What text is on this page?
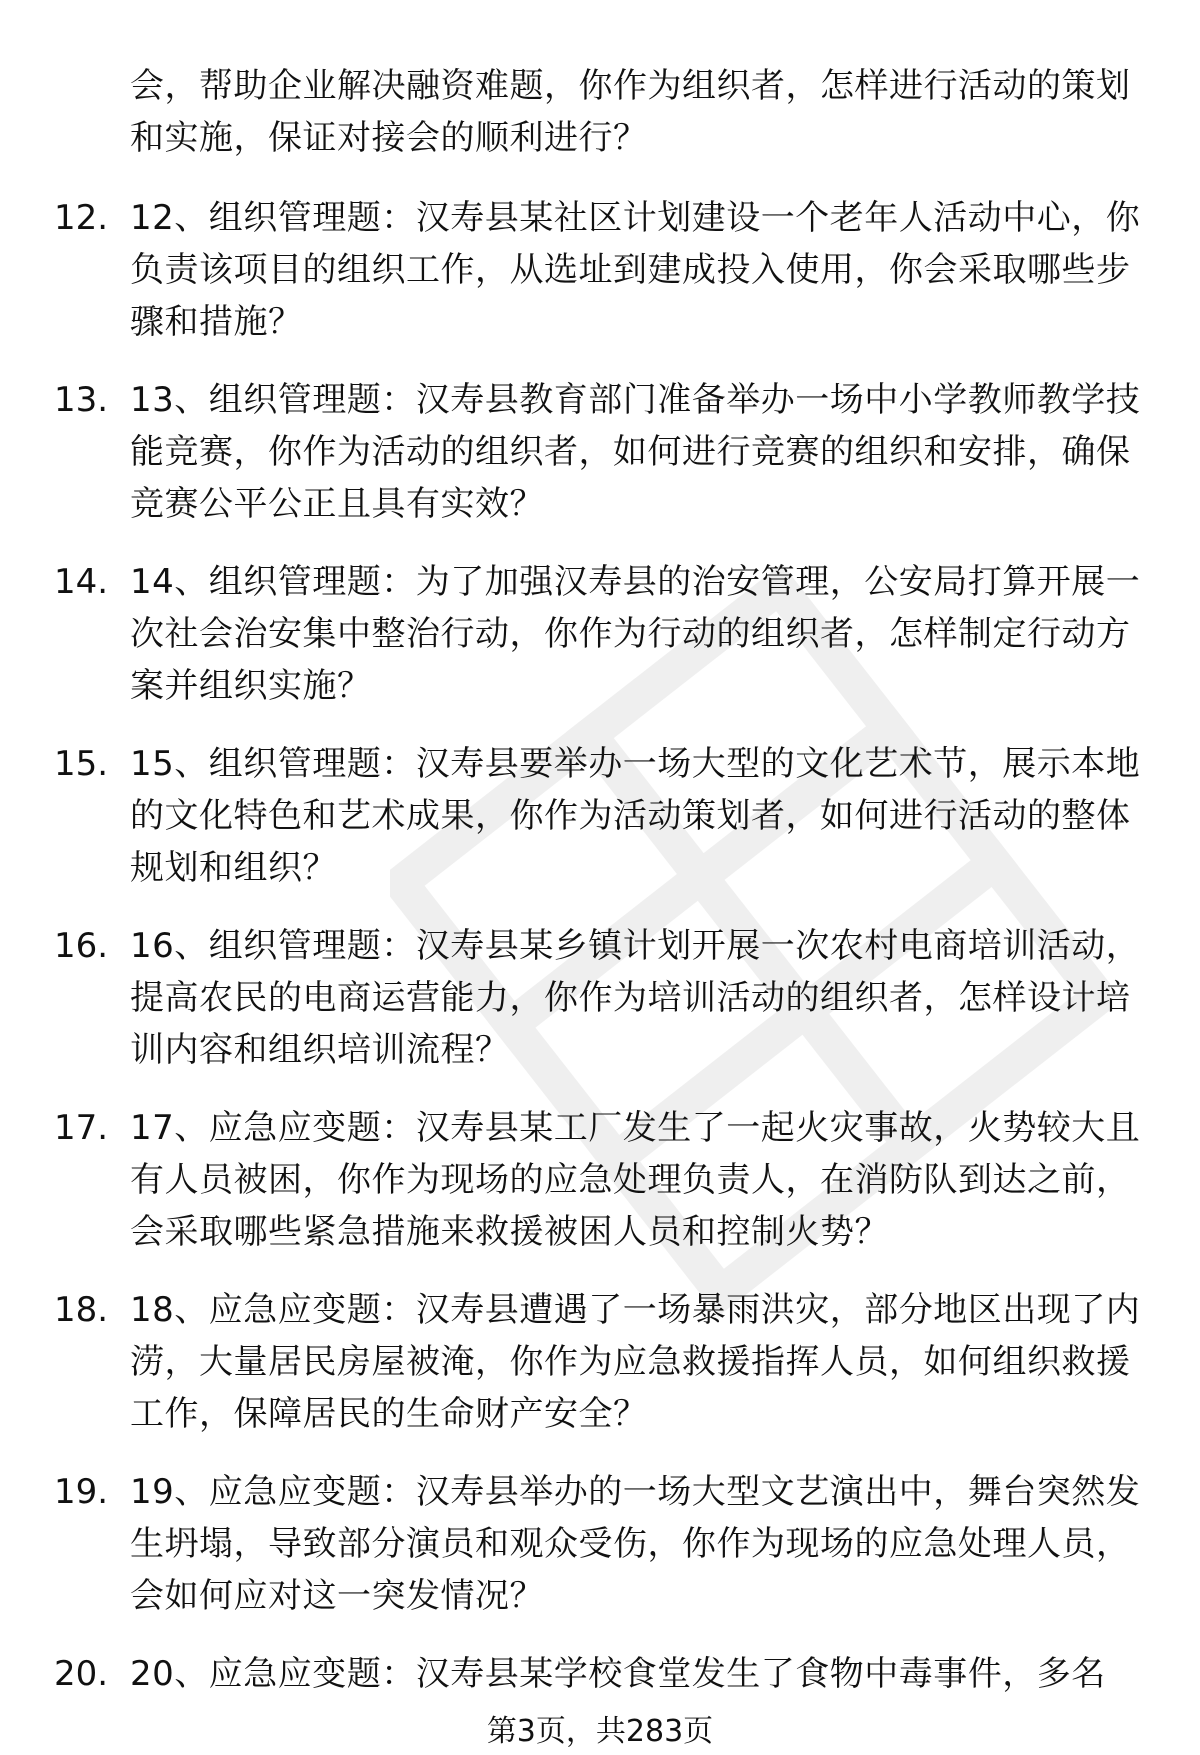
会，帮助企业解决融资难题，你作为组织者，怎样进行活动的策划和实施，保证对接会的顺利进行？

12. 12、组织管理题：汉寿县某社区计划建设一个老年人活动中心，你负责该项目的组织工作，从选址到建成投入使用，你会采取哪些步骤和措施？

13. 13、组织管理题：汉寿县教育部门准备举办一场中小学教师教学技能竞赛，你作为活动的组织者，如何进行竞赛的组织和安排，确保竞赛公平公正且具有实效？

14. 14、组织管理题：为了加强汉寿县的治安管理，公安局打算开展一次社会治安集中整治行动，你作为行动的组织者，怎样制定行动方案并组织实施？

15. 15、组织管理题：汉寿县要举办一场大型的文化艺术节，展示本地的文化特色和艺术成果，你作为活动策划者，如何进行活动的整体规划和组织？

16. 16、组织管理题：汉寿县某乡镇计划开展一次农村电商培训活动，提高农民的电商运营能力，你作为培训活动的组织者，怎样设计培训内容和组织培训流程？

17. 17、应急应变题：汉寿县某工厂发生了一起火灾事故，火势较大且有人员被困，你作为现场的应急处理负责人，在消防队到达之前，会采取哪些紧急措施来救援被困人员和控制火势？

18. 18、应急应变题：汉寿县遭遇了一场暴雨洪灾，部分地区出现了内涝，大量居民房屋被淹，你作为应急救援指挥人员，如何组织救援工作，保障居民的生命财产安全？

19. 19、应急应变题：汉寿县举办的一场大型文艺演出中，舞台突然发生坍塌，导致部分演员和观众受伤，你作为现场的应急处理人员，会如何应对这一突发情况？

20. 20、应急应变题：汉寿县某学校食堂发生了食物中毒事件，多名

第3页，共283页
